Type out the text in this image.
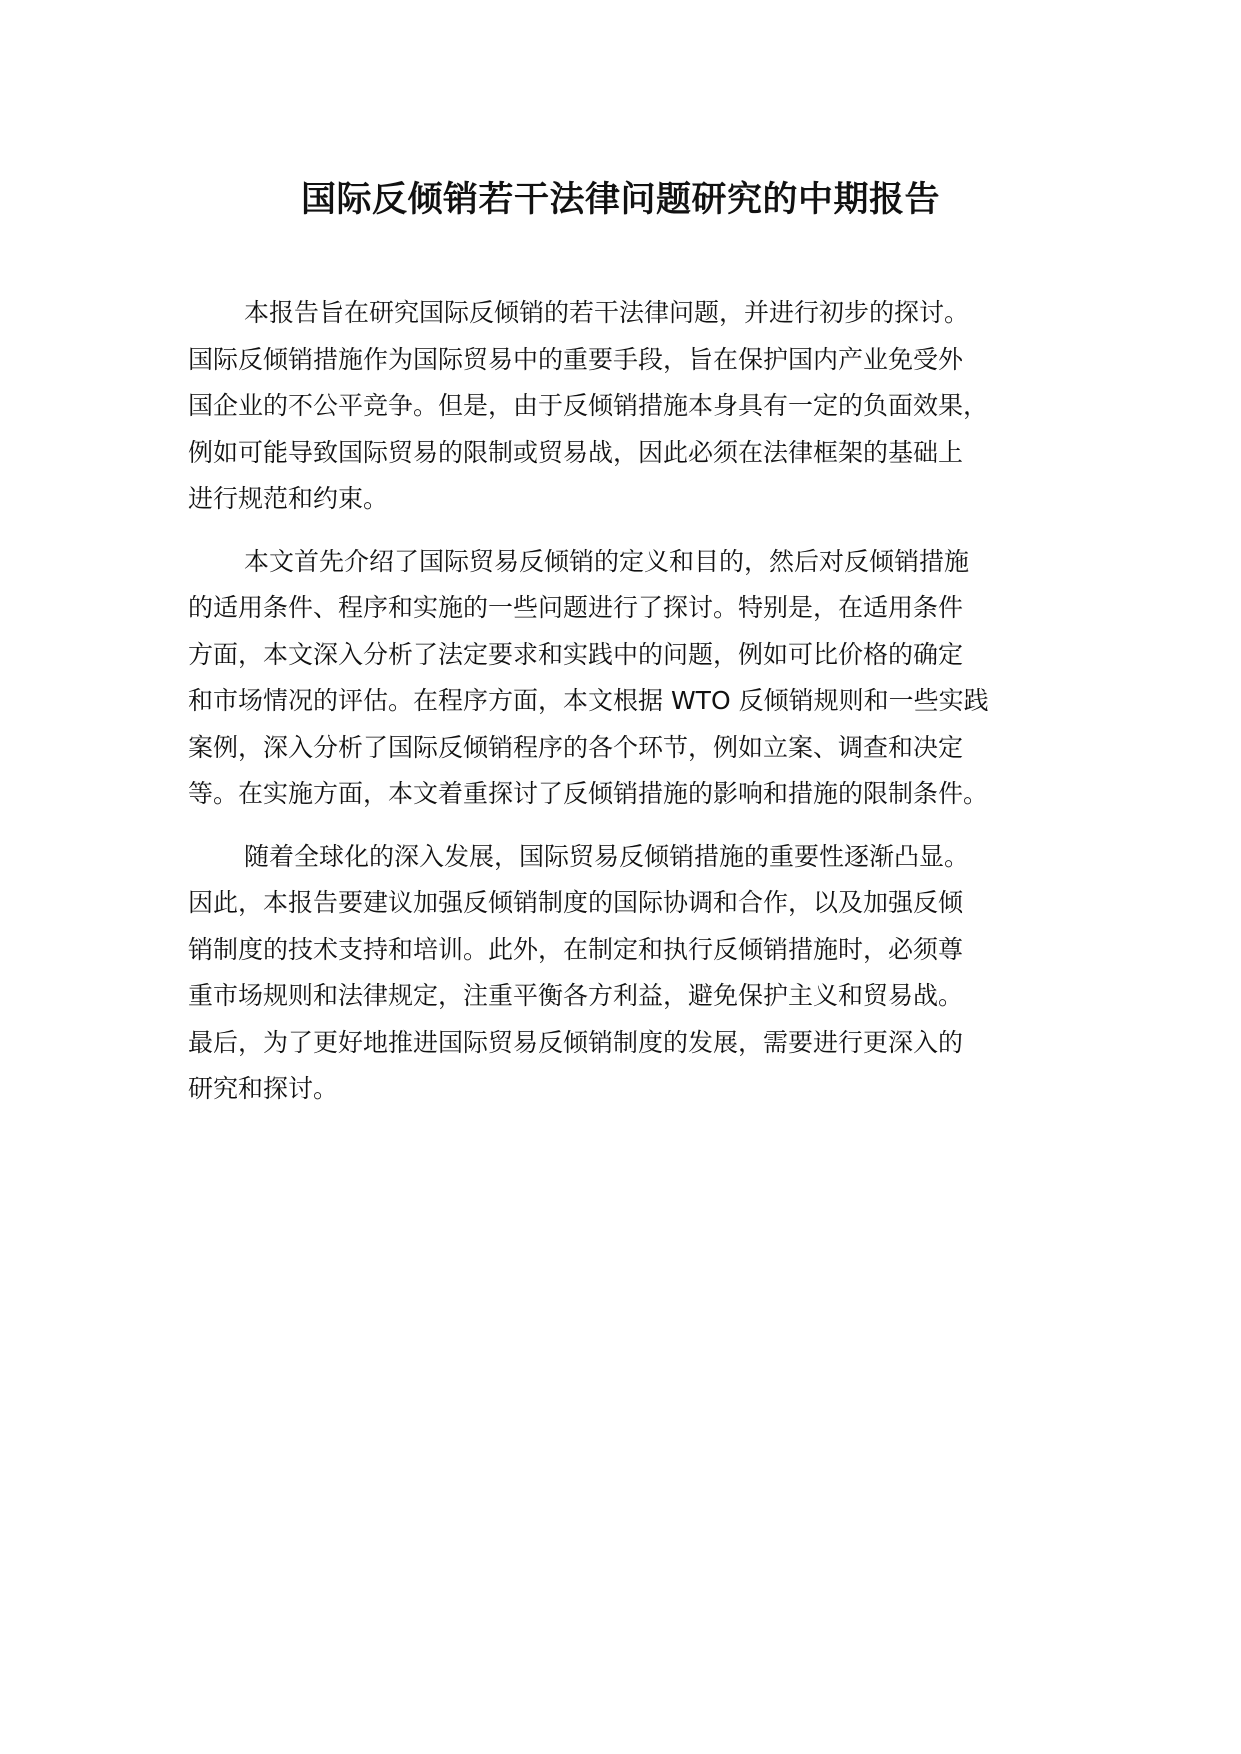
国际反倾销若干法律问题研究的中期报告
本报告旨在研究国际反倾销的若干法律问题，并进行初步的探讨。
国际反倾销措施作为国际贸易中的重要手段，旨在保护国内产业免受外
国企业的不公平竞争。但是，由于反倾销措施本身具有一定的负面效果，
例如可能导致国际贸易的限制或贸易战，因此必须在法律框架的基础上
进行规范和约束。
本文首先介绍了国际贸易反倾销的定义和目的，然后对反倾销措施
的适用条件、程序和实施的一些问题进行了探讨。特别是，在适用条件
方面，本文深入分析了法定要求和实践中的问题，例如可比价格的确定
和市场情况的评估。在程序方面，本文根据 WTO 反倾销规则和一些实践
案例，深入分析了国际反倾销程序的各个环节，例如立案、调查和决定
等。在实施方面，本文着重探讨了反倾销措施的影响和措施的限制条件。
随着全球化的深入发展，国际贸易反倾销措施的重要性逐渐凸显。
因此，本报告要建议加强反倾销制度的国际协调和合作，以及加强反倾
销制度的技术支持和培训。此外，在制定和执行反倾销措施时，必须尊
重市场规则和法律规定，注重平衡各方利益，避免保护主义和贸易战。
最后，为了更好地推进国际贸易反倾销制度的发展，需要进行更深入的
研究和探讨。
